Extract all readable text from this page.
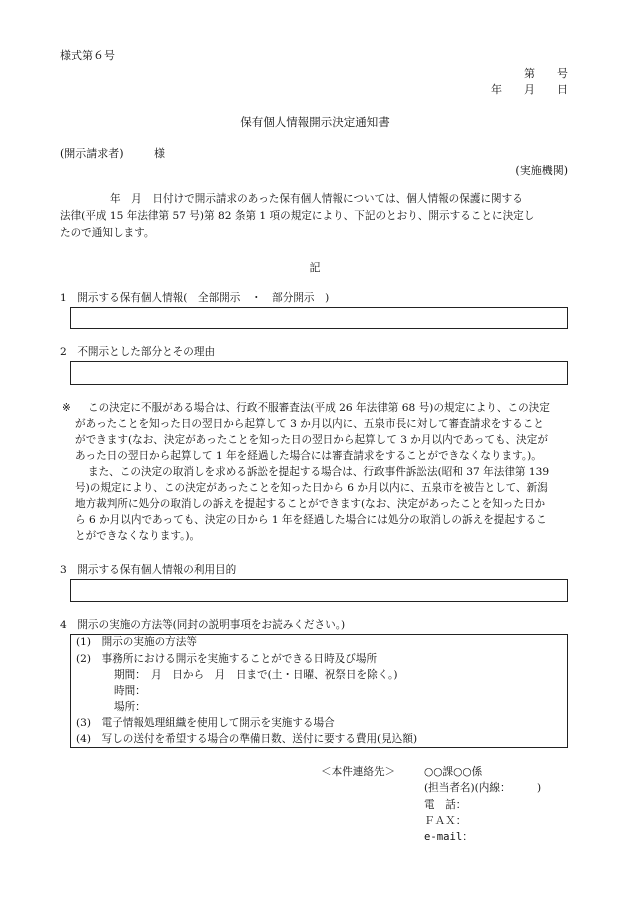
様式第６号
第　　号
年　　月　　日
保有個人情報開示決定通知書
(開示請求者)	様
(実施機関)
年　月　日付けで開示請求のあった保有個人情報については、個人情報の保護に関する
法律(平成 15 年法律第 57 号)第 82 条第 1 項の規定により、下記のとおり、開示することに決定し
たので通知します。
記
1　開示する保有個人情報(　全部開示　・　部分開示　)
2　不開示とした部分とその理由
※ この決定に不服がある場合は、行政不服審査法(平成 26 年法律第 68 号)の規定により、この決定
があったことを知った日の翌日から起算して 3 か月以内に、五泉市長に対して審査請求をすること
ができます(なお、決定があったことを知った日の翌日から起算して 3 か月以内であっても、決定が
あった日の翌日から起算して 1 年を経過した場合には審査請求をすることができなくなります。)。
また、この決定の取消しを求める訴訟を提起する場合は、行政事件訴訟法(昭和 37 年法律第 139
号)の規定により、この決定があったことを知った日から 6 か月以内に、五泉市を被告として、新潟
地方裁判所に処分の取消しの訴えを提起することができます(なお、決定があったことを知った日か
ら 6 か月以内であっても、決定の日から 1 年を経過した場合には処分の取消しの訴えを提起するこ
とができなくなります。)。
3　開示する保有個人情報の利用目的
4　開示の実施の方法等(同封の説明事項をお読みください。)
(1)　開示の実施の方法等
(2)　事務所における開示を実施することができる日時及び場所
期間：　月　日から　月　日まで(土・日曜、祝祭日を除く。)
時間：
場所：
(3)　電子情報処理組織を使用して開示を実施する場合
(4)　写しの送付を希望する場合の準備日数、送付に要する費用(見込額)
＜本件連絡先＞	○○課○○係
(担当者名)(内線：　　　)
電　話：
ＦＡＸ：
e-mail：
